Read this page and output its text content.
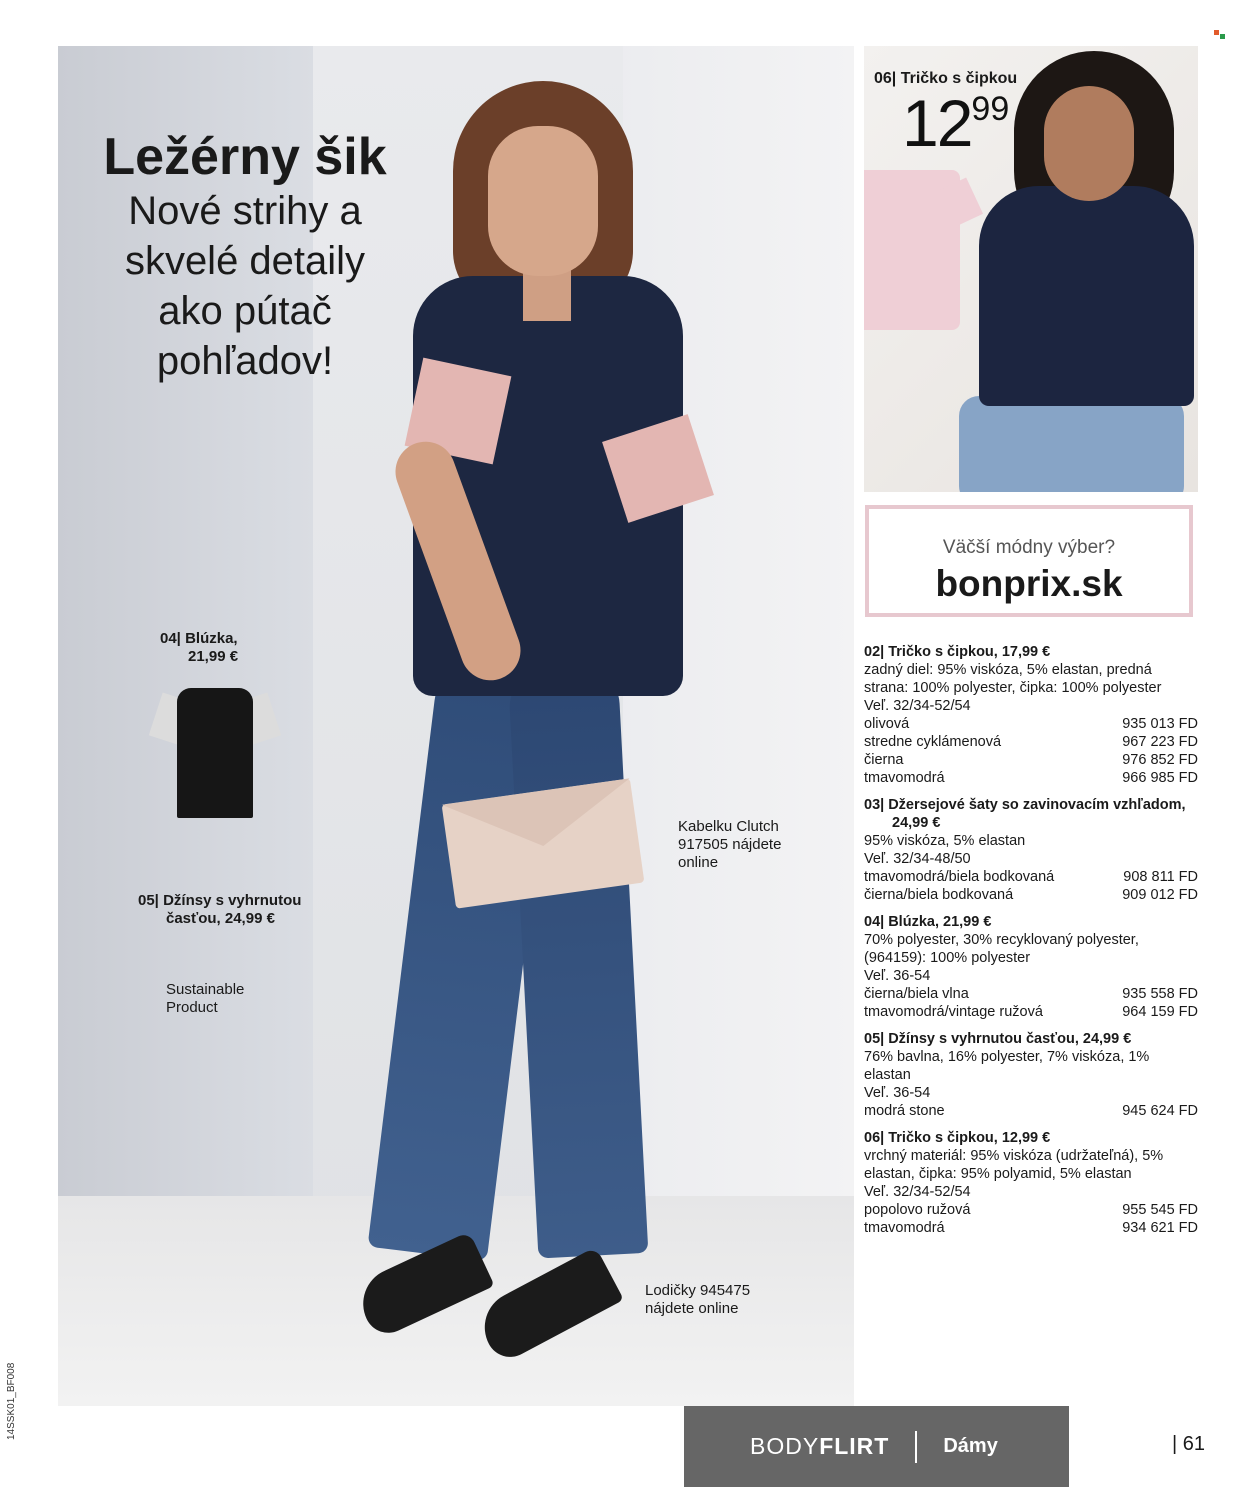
Ležérny šik
Nové strihy a
skvelé detaily
ako pútač
pohľadov!
04| Blúzka,
21,99 €
05| Džínsy s vyhrnutou
časťou, 24,99 €
Sustainable
Product
Kabelku Clutch
917505 nájdete
online
Lodičky 945475
nájdete online
06| Tričko s čipkou
1299
Väčší módny výber?
bonprix.sk
02| Tričko s čipkou, 17,99 €
zadný diel: 95% viskóza, 5% elastan, predná
strana: 100% polyester, čipka: 100% polyester
Veľ. 32/34-52/54
olivová	935 013 FD
stredne cyklámenová	967 223 FD
čierna	976 852 FD
tmavomodrá	966 985 FD
03| Džersejové šaty so zavinovacím vzhľadom,
24,99 €
95% viskóza, 5% elastan
Veľ. 32/34-48/50
tmavomodrá/biela bodkovaná	908 811 FD
čierna/biela bodkovaná	909 012 FD
04| Blúzka, 21,99 €
70% polyester, 30% recyklovaný polyester,
(964159): 100% polyester
Veľ. 36-54
čierna/biela vlna	935 558 FD
tmavomodrá/vintage ružová	964 159 FD
05| Džínsy s vyhrnutou časťou, 24,99 €
76% bavlna, 16% polyester, 7% viskóza, 1%
elastan
Veľ. 36-54
modrá stone	945 624 FD
06| Tričko s čipkou, 12,99 €
vrchný materiál: 95% viskóza (udržateľná), 5%
elastan, čipka: 95% polyamid, 5% elastan
Veľ. 32/34-52/54
popolovo ružová	955 545 FD
tmavomodrá	934 621 FD
BODYFLIRT	Dámy	| 61
14SSK01_BF008
